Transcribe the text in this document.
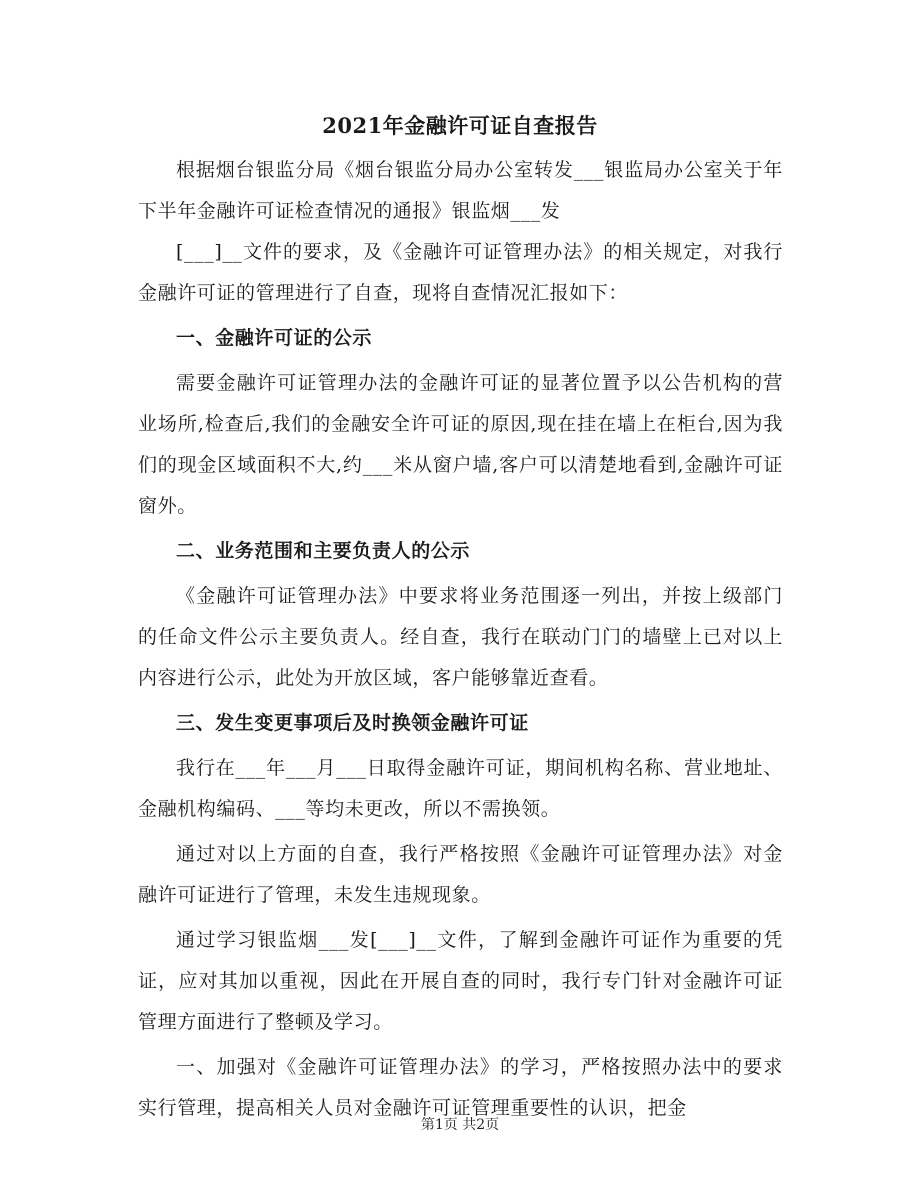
2021年金融许可证自查报告

根据烟台银监分局《烟台银监分局办公室转发___银监局办公室关于年下半年金融许可证检查情况的通报》银监烟___发

[___]__文件的要求，及《金融许可证管理办法》的相关规定，对我行金融许可证的管理进行了自查，现将自查情况汇报如下：

一、金融许可证的公示

需要金融许可证管理办法的金融许可证的显著位置予以公告机构的营业场所,检查后,我们的金融安全许可证的原因,现在挂在墙上在柜台,因为我们的现金区域面积不大,约___米从窗户墙,客户可以清楚地看到,金融许可证窗外。

二、业务范围和主要负责人的公示

《金融许可证管理办法》中要求将业务范围逐一列出，并按上级部门的任命文件公示主要负责人。经自查，我行在联动门门的墙壁上已对以上内容进行公示，此处为开放区域，客户能够靠近查看。

三、发生变更事项后及时换领金融许可证

我行在___年___月___日取得金融许可证，期间机构名称、营业地址、金融机构编码、___等均未更改，所以不需换领。

通过对以上方面的自查，我行严格按照《金融许可证管理办法》对金融许可证进行了管理，未发生违规现象。

通过学习银监烟___发[___]__文件，了解到金融许可证作为重要的凭证，应对其加以重视，因此在开展自查的同时，我行专门针对金融许可证管理方面进行了整顿及学习。

一、加强对《金融许可证管理办法》的学习，严格按照办法中的要求实行管理，提高相关人员对金融许可证管理重要性的认识，把金

第1页 共2页
